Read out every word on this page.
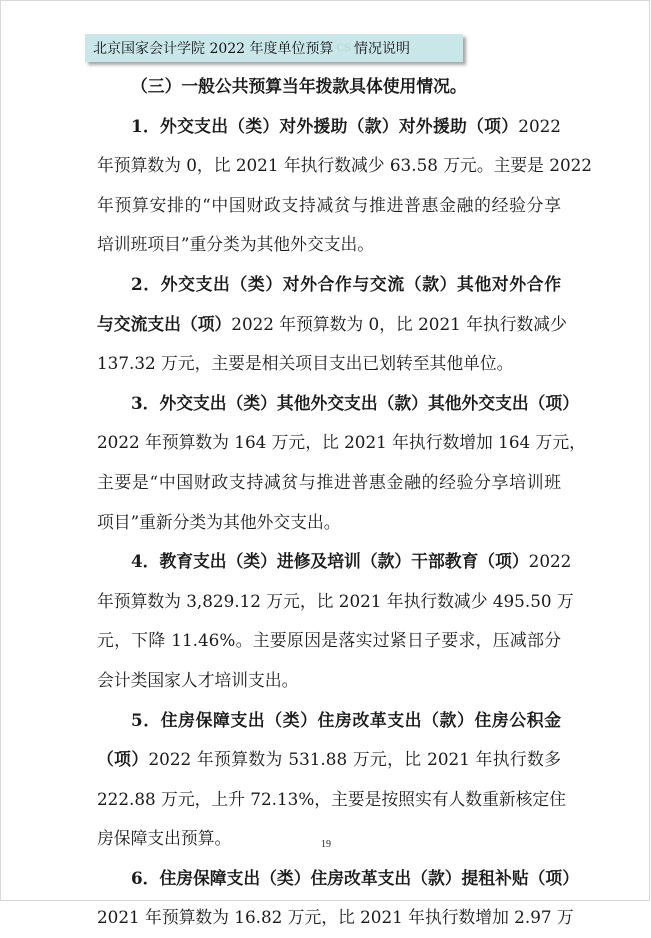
北京国家会计学院 2022 年度单位预算 CS 情况说明
（三）一般公共预算当年拨款具体使用情况。
1．外交支出（类）对外援助（款）对外援助（项）2022
年预算数为 0，比 2021 年执行数减少 63.58 万元。主要是 2022
年预算安排的“中国财政支持减贫与推进普惠金融的经验分享
培训班项目”重分类为其他外交支出。
2．外交支出（类）对外合作与交流（款）其他对外合作
与交流支出（项）2022 年预算数为 0，比 2021 年执行数减少
137.32 万元，主要是相关项目支出已划转至其他单位。
3．外交支出（类）其他外交支出（款）其他外交支出（项）
2022 年预算数为 164 万元，比 2021 年执行数增加 164 万元，
主要是“中国财政支持减贫与推进普惠金融的经验分享培训班
项目”重新分类为其他外交支出。
4．教育支出（类）进修及培训（款）干部教育（项）2022
年预算数为 3,829.12 万元，比 2021 年执行数减少 495.50 万
元，下降 11.46%。主要原因是落实过紧日子要求，压减部分
会计类国家人才培训支出。
5．住房保障支出（类）住房改革支出（款）住房公积金
（项）2022 年预算数为 531.88 万元，比 2021 年执行数多
222.88 万元，上升 72.13%，主要是按照实有人数重新核定住
房保障支出预算。
6．住房保障支出（类）住房改革支出（款）提租补贴（项）
2021 年预算数为 16.82 万元，比 2021 年执行数增加 2.97 万
19
